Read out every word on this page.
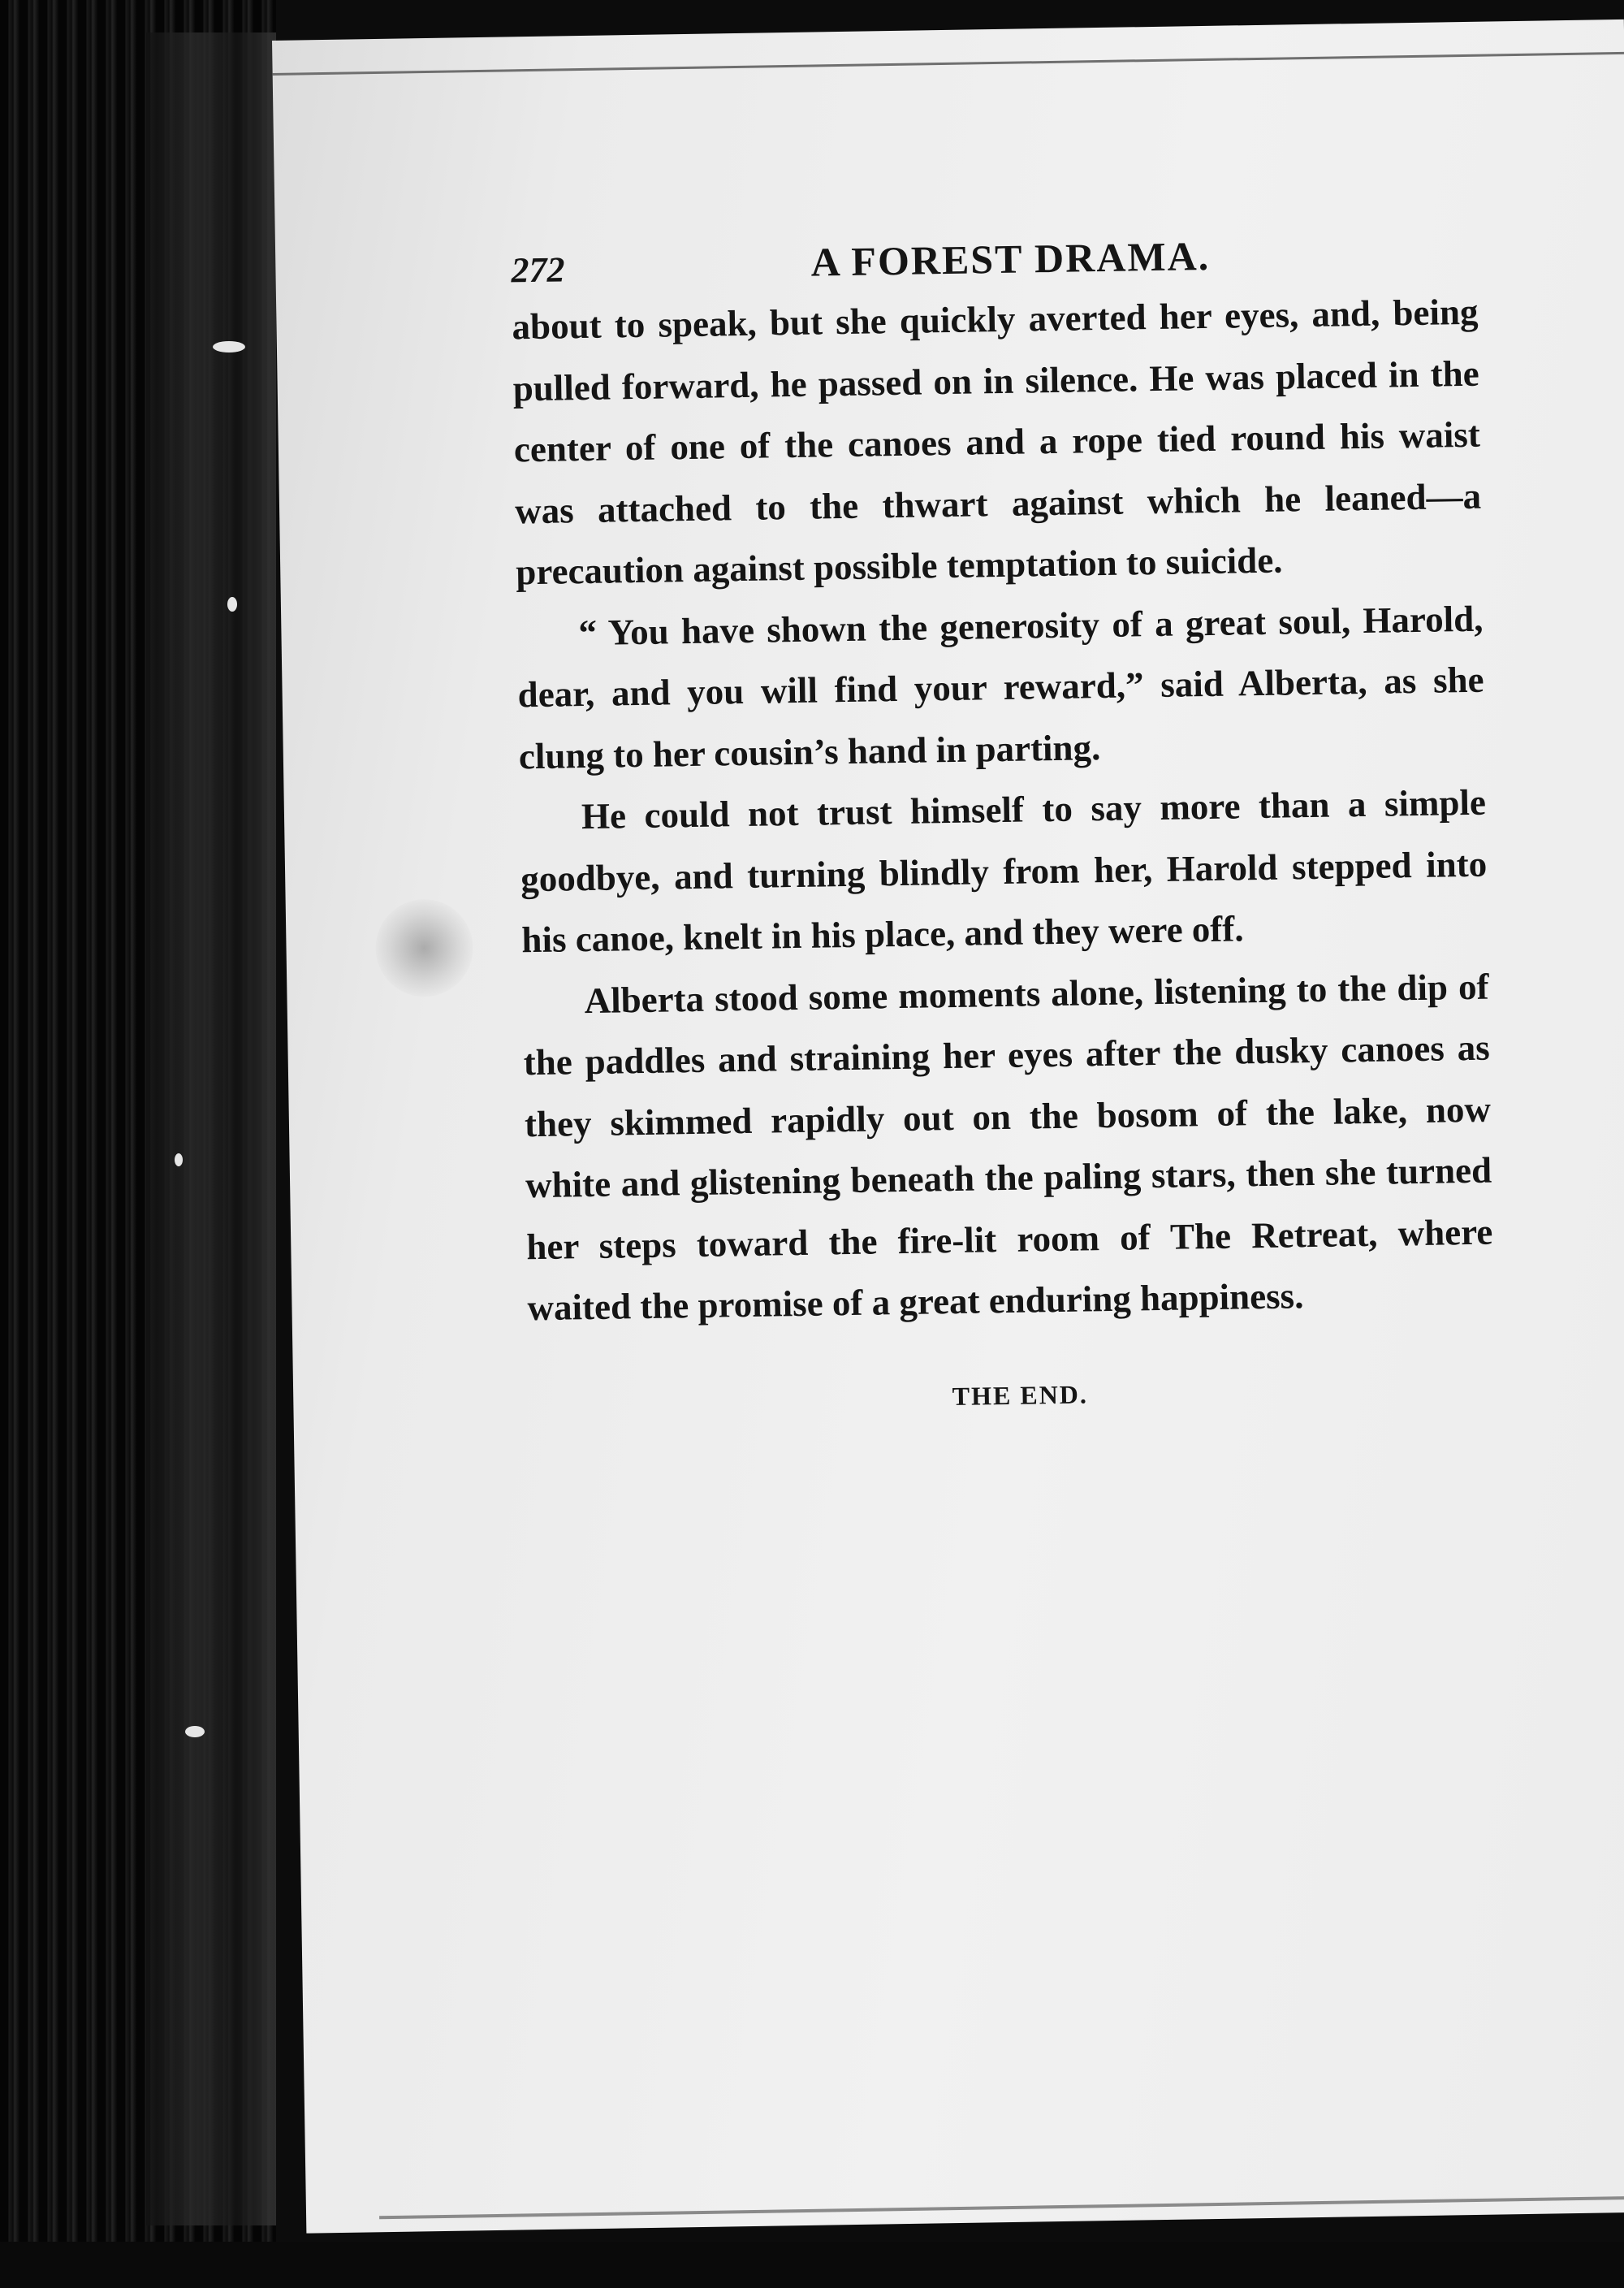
272	A FOREST DRAMA.

about to speak, but she quickly averted her eyes, and, being pulled forward, he passed on in silence. He was placed in the center of one of the canoes and a rope tied round his waist was attached to the thwart against which he leaned—a precaution against possible temptation to suicide.

“ You have shown the generosity of a great soul, Harold, dear, and you will find your reward,” said Alberta, as she clung to her cousin’s hand in parting.

He could not trust himself to say more than a simple goodbye, and turning blindly from her, Harold stepped into his canoe, knelt in his place, and they were off.

Alberta stood some moments alone, listening to the dip of the paddles and straining her eyes after the dusky canoes as they skimmed rapidly out on the bosom of the lake, now white and glistening beneath the paling stars, then she turned her steps toward the fire-lit room of The Retreat, where waited the promise of a great enduring happiness.

THE END.
